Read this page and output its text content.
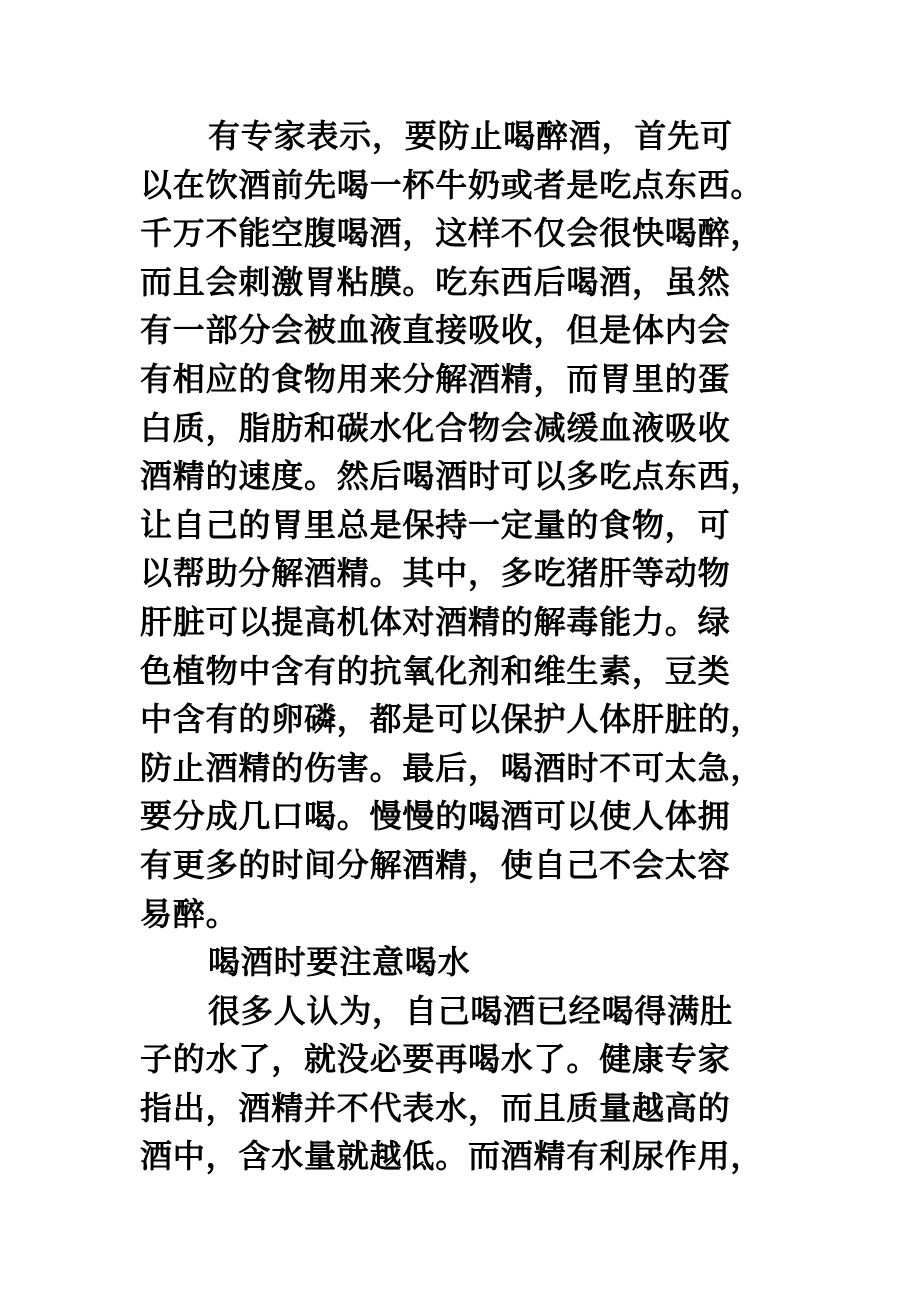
有专家表示，要防止喝醉酒，首先可
以在饮酒前先喝一杯牛奶或者是吃点东西。
千万不能空腹喝酒，这样不仅会很快喝醉，
而且会刺激胃粘膜。吃东西后喝酒，虽然
有一部分会被血液直接吸收，但是体内会
有相应的食物用来分解酒精，而胃里的蛋
白质，脂肪和碳水化合物会减缓血液吸收
酒精的速度。然后喝酒时可以多吃点东西，
让自己的胃里总是保持一定量的食物，可
以帮助分解酒精。其中，多吃猪肝等动物
肝脏可以提高机体对酒精的解毒能力。绿
色植物中含有的抗氧化剂和维生素，豆类
中含有的卵磷，都是可以保护人体肝脏的，
防止酒精的伤害。最后，喝酒时不可太急，
要分成几口喝。慢慢的喝酒可以使人体拥
有更多的时间分解酒精，使自己不会太容
易醉。
喝酒时要注意喝水
很多人认为，自己喝酒已经喝得满肚
子的水了，就没必要再喝水了。健康专家
指出，酒精并不代表水，而且质量越高的
酒中，含水量就越低。而酒精有利尿作用，
